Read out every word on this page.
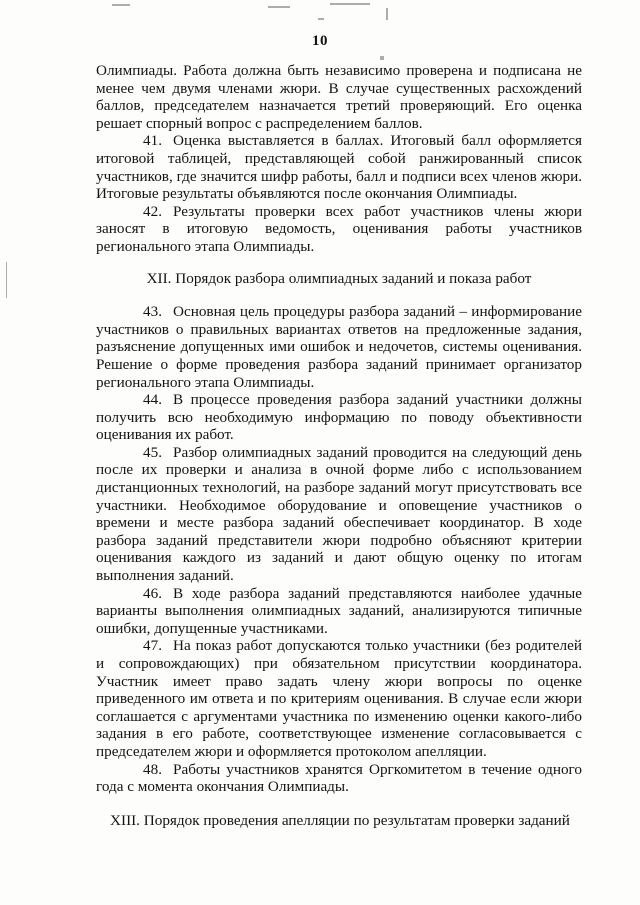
10

Олимпиады. Работа должна быть независимо проверена и подписана не менее чем двумя членами жюри. В случае существенных расхождений баллов, председателем назначается третий проверяющий. Его оценка решает спорный вопрос с распределением баллов.

41. Оценка выставляется в баллах. Итоговый балл оформляется итоговой таблицей, представляющей собой ранжированный список участников, где значится шифр работы, балл и подписи всех членов жюри. Итоговые результаты объявляются после окончания Олимпиады.

42. Результаты проверки всех работ участников члены жюри заносят в итоговую ведомость, оценивания работы участников регионального этапа Олимпиады.

XII. Порядок разбора олимпиадных заданий и показа работ

43. Основная цель процедуры разбора заданий – информирование участников о правильных вариантах ответов на предложенные задания, разъяснение допущенных ими ошибок и недочетов, системы оценивания. Решение о форме проведения разбора заданий принимает организатор регионального этапа Олимпиады.

44. В процессе проведения разбора заданий участники должны получить всю необходимую информацию по поводу объективности оценивания их работ.

45. Разбор олимпиадных заданий проводится на следующий день после их проверки и анализа в очной форме либо с использованием дистанционных технологий, на разборе заданий могут присутствовать все участники. Необходимое оборудование и оповещение участников о времени и месте разбора заданий обеспечивает координатор. В ходе разбора заданий представители жюри подробно объясняют критерии оценивания каждого из заданий и дают общую оценку по итогам выполнения заданий.

46. В ходе разбора заданий представляются наиболее удачные варианты выполнения олимпиадных заданий, анализируются типичные ошибки, допущенные участниками.

47. На показ работ допускаются только участники (без родителей и сопровождающих) при обязательном присутствии координатора. Участник имеет право задать члену жюри вопросы по оценке приведенного им ответа и по критериям оценивания. В случае если жюри соглашается с аргументами участника по изменению оценки какого-либо задания в его работе, соответствующее изменение согласовывается с председателем жюри и оформляется протоколом апелляции.

48. Работы участников хранятся Оргкомитетом в течение одного года с момента окончания Олимпиады.

XIII. Порядок проведения апелляции по результатам проверки заданий
